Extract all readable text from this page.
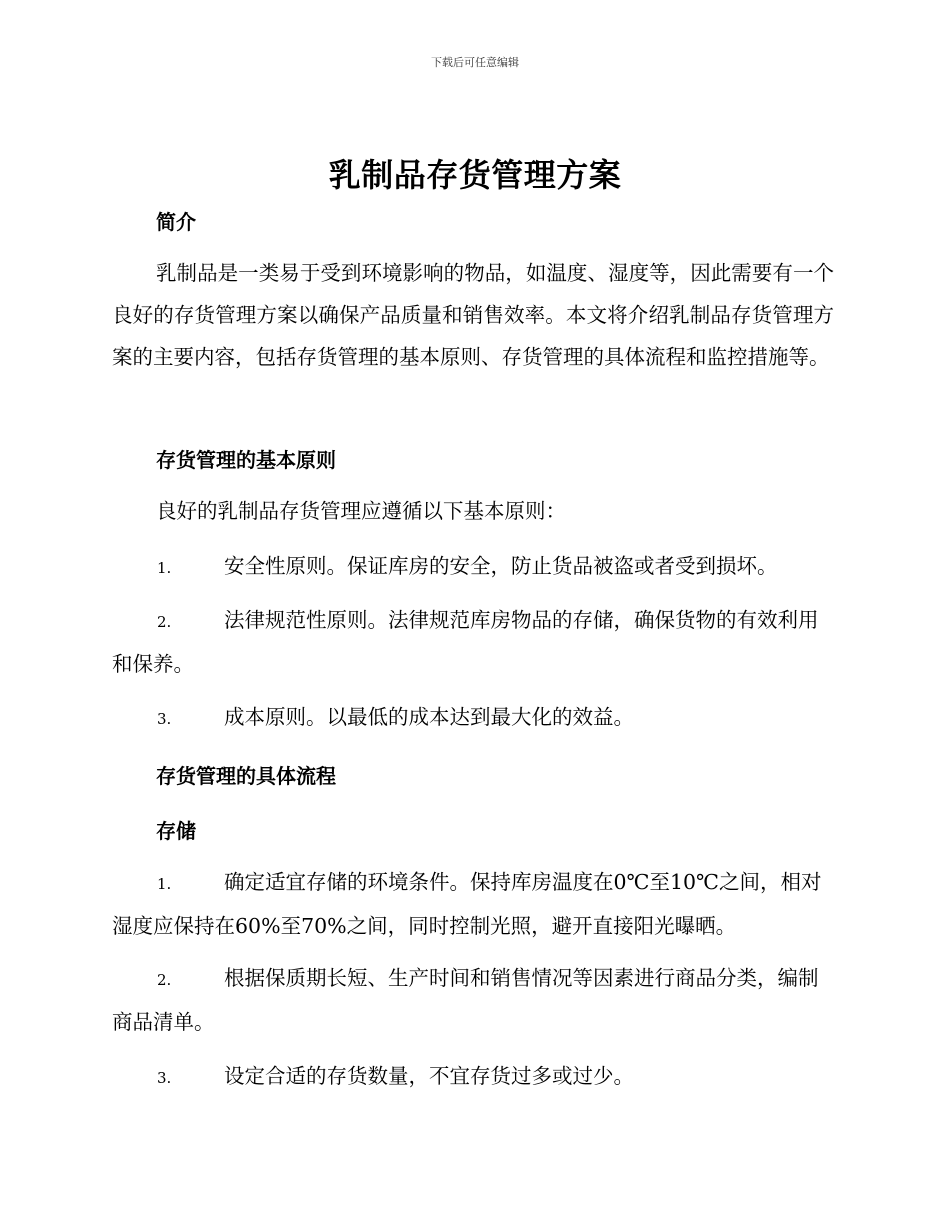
下载后可任意编辑
乳制品存货管理方案
简介
乳制品是一类易于受到环境影响的物品，如温度、湿度等，因此需要有一个良好的存货管理方案以确保产品质量和销售效率。本文将介绍乳制品存货管理方案的主要内容，包括存货管理的基本原则、存货管理的具体流程和监控措施等。
存货管理的基本原则
良好的乳制品存货管理应遵循以下基本原则：
1.	安全性原则。保证库房的安全，防止货品被盗或者受到损坏。
2.	法律规范性原则。法律规范库房物品的存储，确保货物的有效利用和保养。
3.	成本原则。以最低的成本达到最大化的效益。
存货管理的具体流程
存储
1.	确定适宜存储的环境条件。保持库房温度在0℃至10℃之间，相对湿度应保持在60%至70%之间，同时控制光照，避开直接阳光曝晒。
2.	根据保质期长短、生产时间和销售情况等因素进行商品分类，编制商品清单。
3.	设定合适的存货数量，不宜存货过多或过少。
